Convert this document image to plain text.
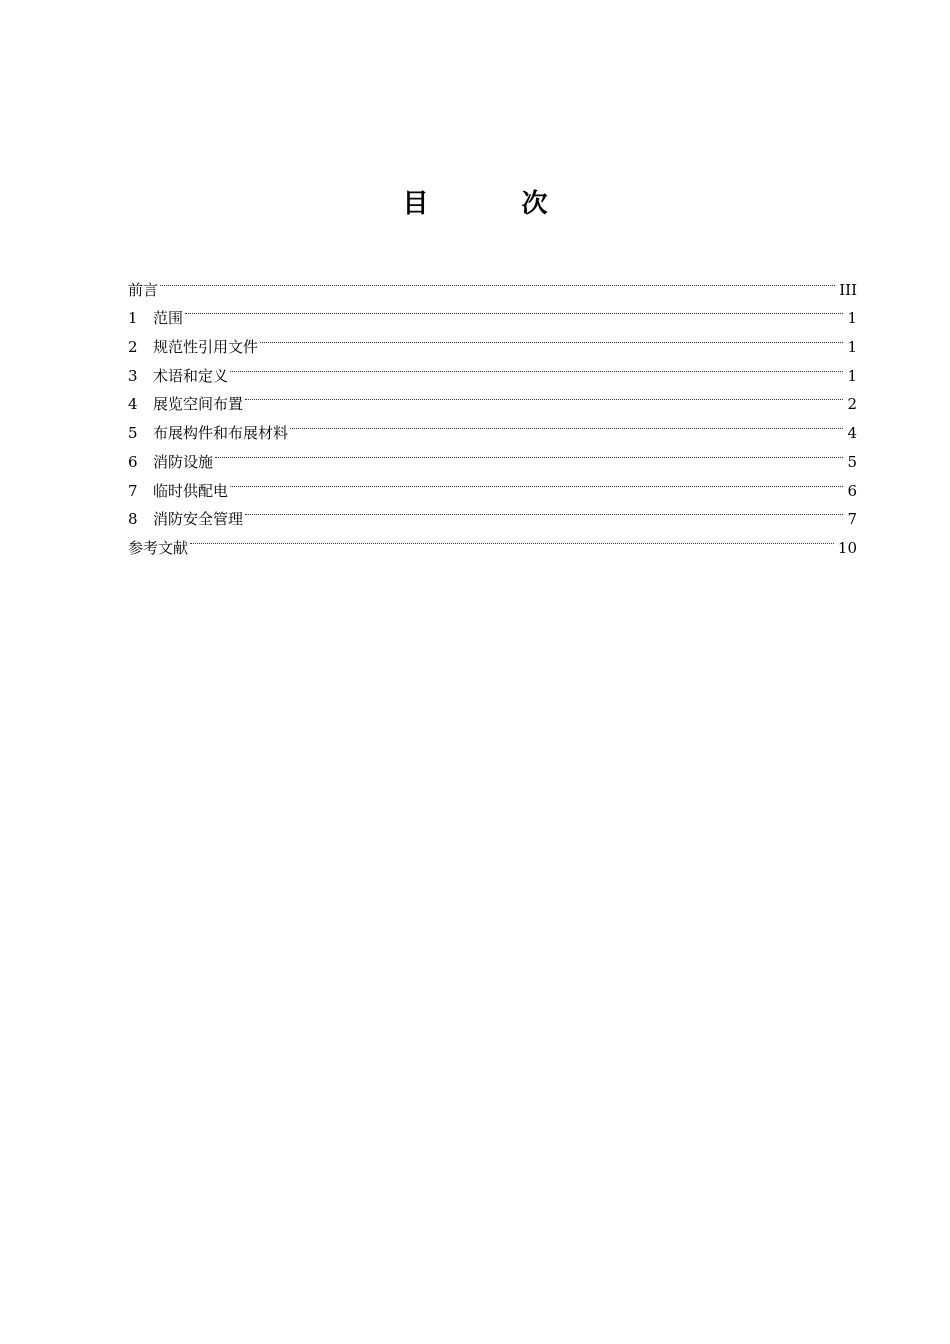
目 次
前言	III
1	范围	1
2	规范性引用文件	1
3	术语和定义	1
4	展览空间布置	2
5	布展构件和布展材料	4
6	消防设施	5
7	临时供配电	6
8	消防安全管理	7
参考文献	10
